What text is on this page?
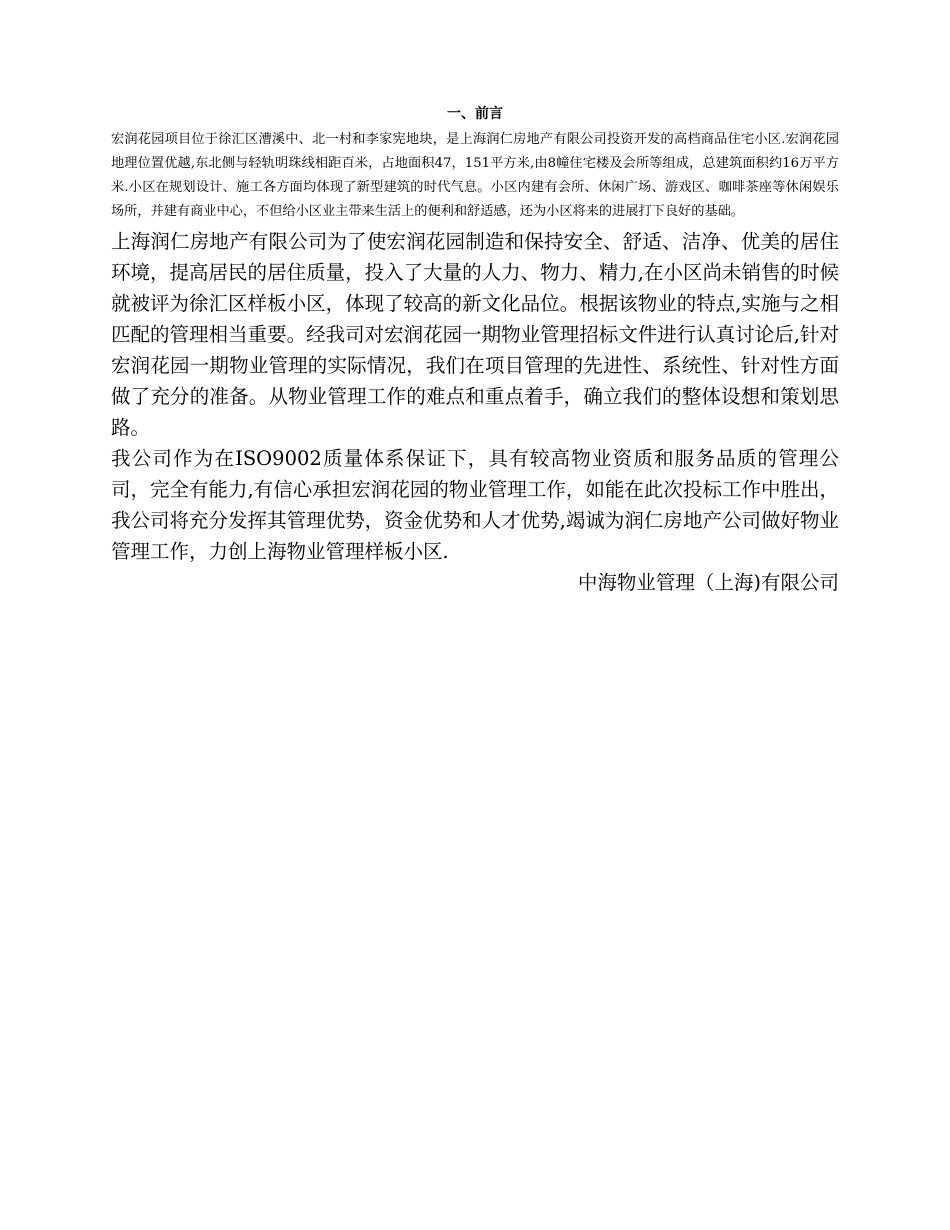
一、前言

宏润花园项目位于徐汇区漕溪中、北一村和李家宪地块，是上海润仁房地产有限公司投资开发的高档商品住宅小区.宏润花园地理位置优越,东北侧与轻轨明珠线相距百米，占地面积47，151平方米,由8幢住宅楼及会所等组成，总建筑面积约16万平方米.小区在规划设计、施工各方面均体现了新型建筑的时代气息。小区内建有会所、休闲广场、游戏区、咖啡茶座等休闲娱乐场所，并建有商业中心，不但给小区业主带来生活上的便利和舒适感，还为小区将来的进展打下良好的基础。

上海润仁房地产有限公司为了使宏润花园制造和保持安全、舒适、洁净、优美的居住环境，提高居民的居住质量，投入了大量的人力、物力、精力,在小区尚未销售的时候就被评为徐汇区样板小区，体现了较高的新文化品位。根据该物业的特点,实施与之相匹配的管理相当重要。经我司对宏润花园一期物业管理招标文件进行认真讨论后,针对宏润花园一期物业管理的实际情况，我们在项目管理的先进性、系统性、针对性方面做了充分的准备。从物业管理工作的难点和重点着手，确立我们的整体设想和策划思路。

我公司作为在ISO9002质量体系保证下，具有较高物业资质和服务品质的管理公司，完全有能力,有信心承担宏润花园的物业管理工作，如能在此次投标工作中胜出，我公司将充分发挥其管理优势，资金优势和人才优势,竭诚为润仁房地产公司做好物业管理工作，力创上海物业管理样板小区.

中海物业管理（上海)有限公司
